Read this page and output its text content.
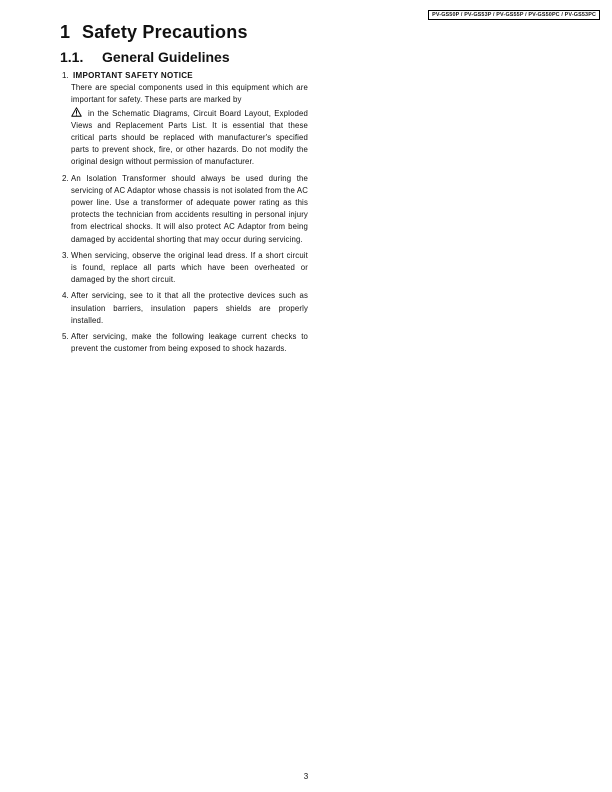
PV-GS50P / PV-GS53P / PV-GS55P / PV-GS50PC / PV-GS53PC
1 Safety Precautions
1.1. General Guidelines
1. IMPORTANT SAFETY NOTICE
There are special components used in this equipment which are important for safety. These parts are marked by
in the Schematic Diagrams, Circuit Board Layout, Exploded Views and Replacement Parts List. It is essential that these critical parts should be replaced with manufacturer's specified parts to prevent shock, fire, or other hazards. Do not modify the original design without permission of manufacturer.
2. An Isolation Transformer should always be used during the servicing of AC Adaptor whose chassis is not isolated from the AC power line. Use a transformer of adequate power rating as this protects the technician from accidents resulting in personal injury from electrical shocks. It will also protect AC Adaptor from being damaged by accidental shorting that may occur during servicing.
3. When servicing, observe the original lead dress. If a short circuit is found, replace all parts which have been overheated or damaged by the short circuit.
4. After servicing, see to it that all the protective devices such as insulation barriers, insulation papers shields are properly installed.
5. After servicing, make the following leakage current checks to prevent the customer from being exposed to shock hazards.
3
